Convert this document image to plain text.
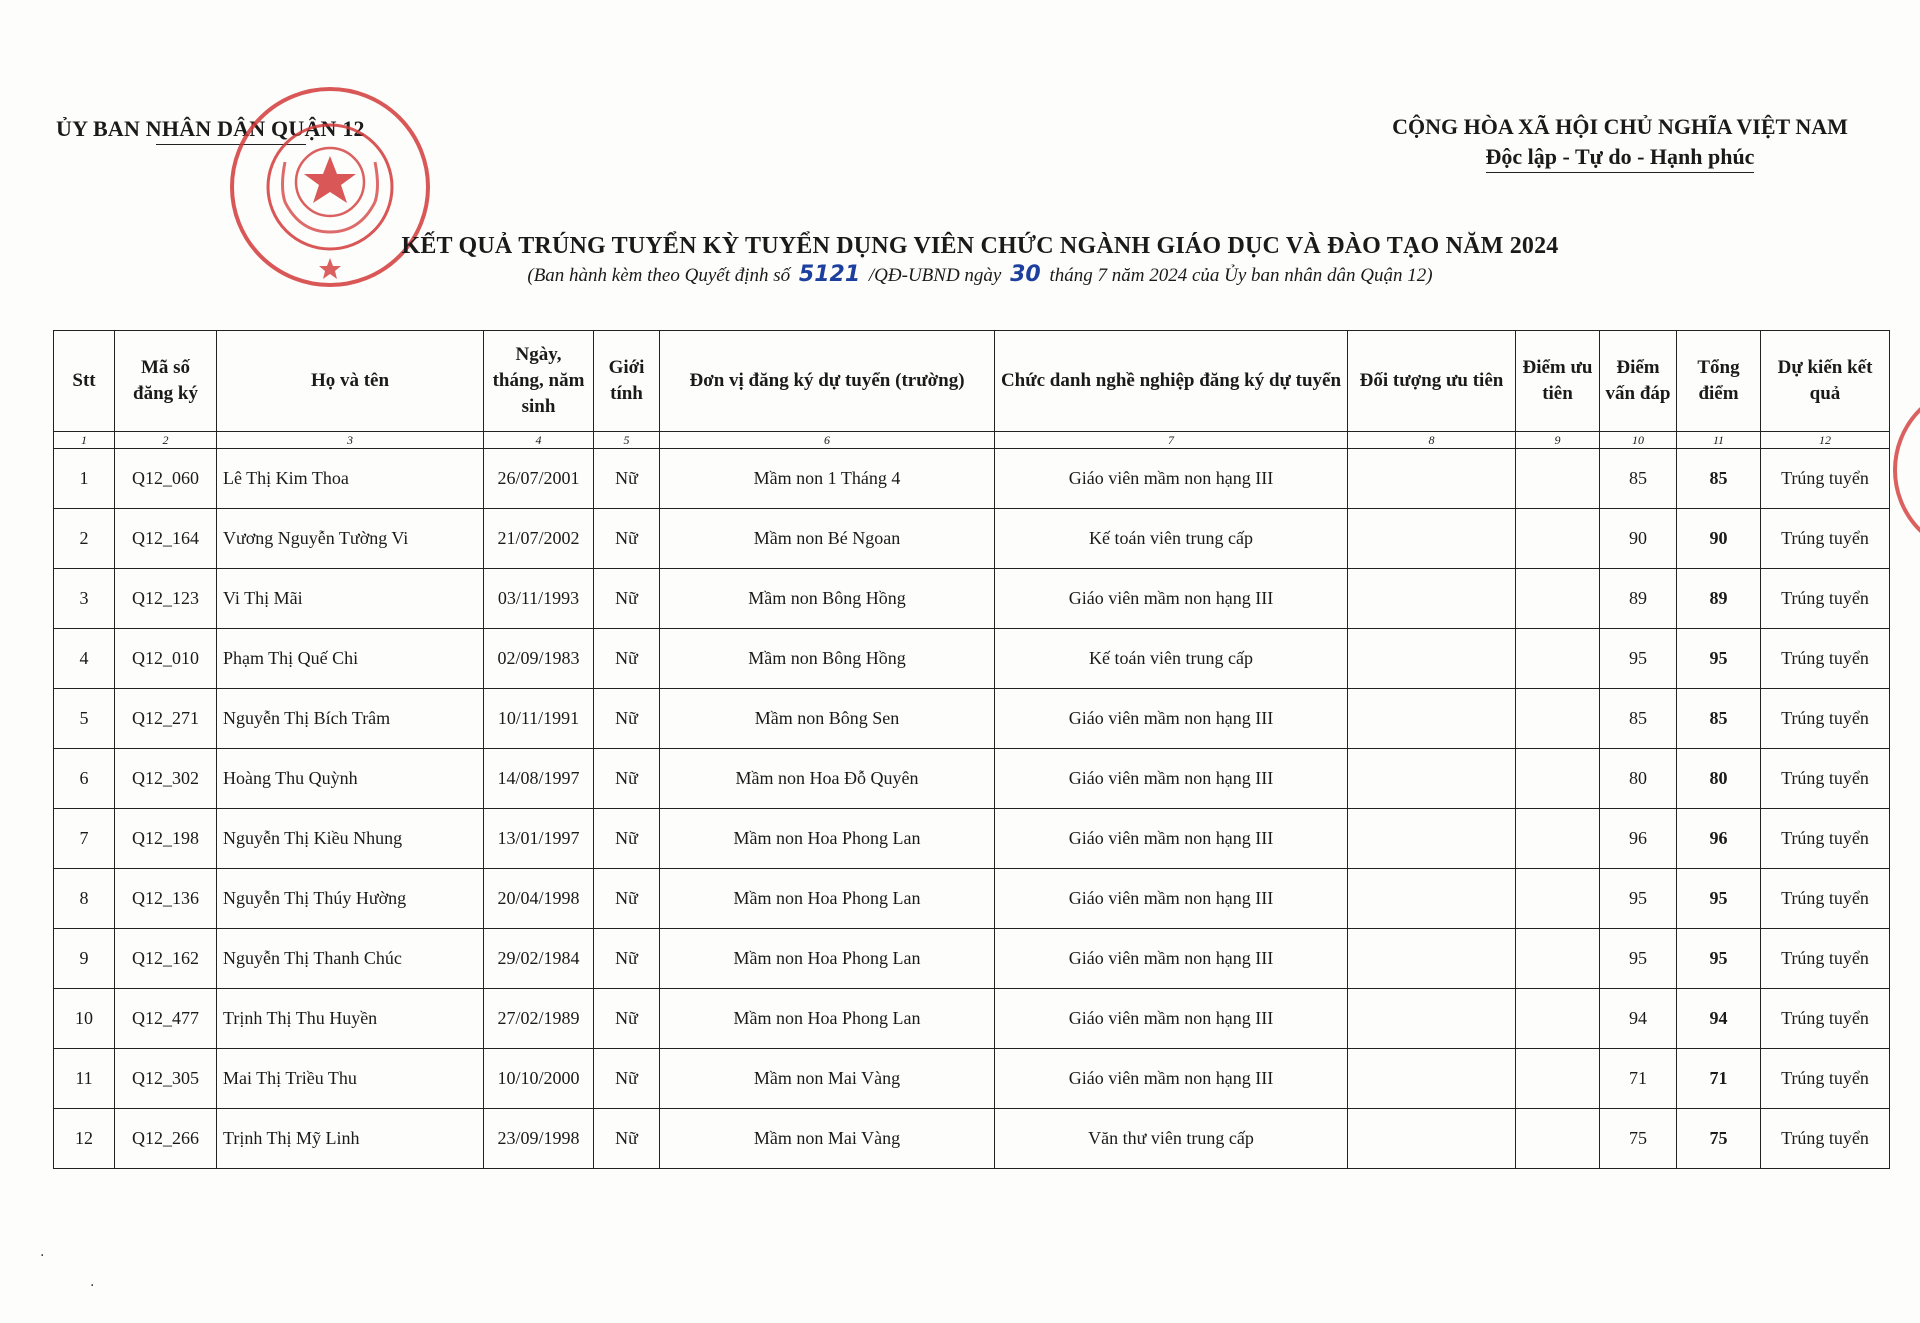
ỦY BAN NHÂN DÂN QUẬN 12	CỘNG HÒA XÃ HỘI CHỦ NGHĨA VIỆT NAM
Độc lập - Tự do - Hạnh phúc
KẾT QUẢ TRÚNG TUYỂN KỲ TUYỂN DỤNG VIÊN CHỨC NGÀNH GIÁO DỤC VÀ ĐÀO TẠO NĂM 2024
(Ban hành kèm theo Quyết định số 5121 /QĐ-UBND ngày 30 tháng 7 năm 2024 của Ủy ban nhân dân Quận 12)
Stt	Mã số đăng ký	Họ và tên	Ngày, tháng, năm sinh	Giới tính	Đơn vị đăng ký dự tuyển (trường)	Chức danh nghề nghiệp đăng ký dự tuyển	Đối tượng ưu tiên	Điểm ưu tiên	Điểm vấn đáp	Tổng điểm	Dự kiến kết quả
1	2	3	4	5	6	7	8	9	10	11	12
1	Q12_060	Lê Thị Kim Thoa	26/07/2001	Nữ	Mầm non 1 Tháng 4	Giáo viên mầm non hạng III			85	85	Trúng tuyển
2	Q12_164	Vương Nguyễn Tường Vi	21/07/2002	Nữ	Mầm non Bé Ngoan	Kế toán viên trung cấp			90	90	Trúng tuyển
3	Q12_123	Vi Thị Mãi	03/11/1993	Nữ	Mầm non Bông Hồng	Giáo viên mầm non hạng III			89	89	Trúng tuyển
4	Q12_010	Phạm Thị Quế Chi	02/09/1983	Nữ	Mầm non Bông Hồng	Kế toán viên trung cấp			95	95	Trúng tuyển
5	Q12_271	Nguyễn Thị Bích Trâm	10/11/1991	Nữ	Mầm non Bông Sen	Giáo viên mầm non hạng III			85	85	Trúng tuyển
6	Q12_302	Hoàng Thu Quỳnh	14/08/1997	Nữ	Mầm non Hoa Đỗ Quyên	Giáo viên mầm non hạng III			80	80	Trúng tuyển
7	Q12_198	Nguyễn Thị Kiều Nhung	13/01/1997	Nữ	Mầm non Hoa Phong Lan	Giáo viên mầm non hạng III			96	96	Trúng tuyển
8	Q12_136	Nguyễn Thị Thúy Hường	20/04/1998	Nữ	Mầm non Hoa Phong Lan	Giáo viên mầm non hạng III			95	95	Trúng tuyển
9	Q12_162	Nguyễn Thị Thanh Chúc	29/02/1984	Nữ	Mầm non Hoa Phong Lan	Giáo viên mầm non hạng III			95	95	Trúng tuyển
10	Q12_477	Trịnh Thị Thu Huyền	27/02/1989	Nữ	Mầm non Hoa Phong Lan	Giáo viên mầm non hạng III			94	94	Trúng tuyển
11	Q12_305	Mai Thị Triều Thu	10/10/2000	Nữ	Mầm non Mai Vàng	Giáo viên mầm non hạng III			71	71	Trúng tuyển
12	Q12_266	Trịnh Thị Mỹ Linh	23/09/1998	Nữ	Mầm non Mai Vàng	Văn thư viên trung cấp			75	75	Trúng tuyển
·
·
